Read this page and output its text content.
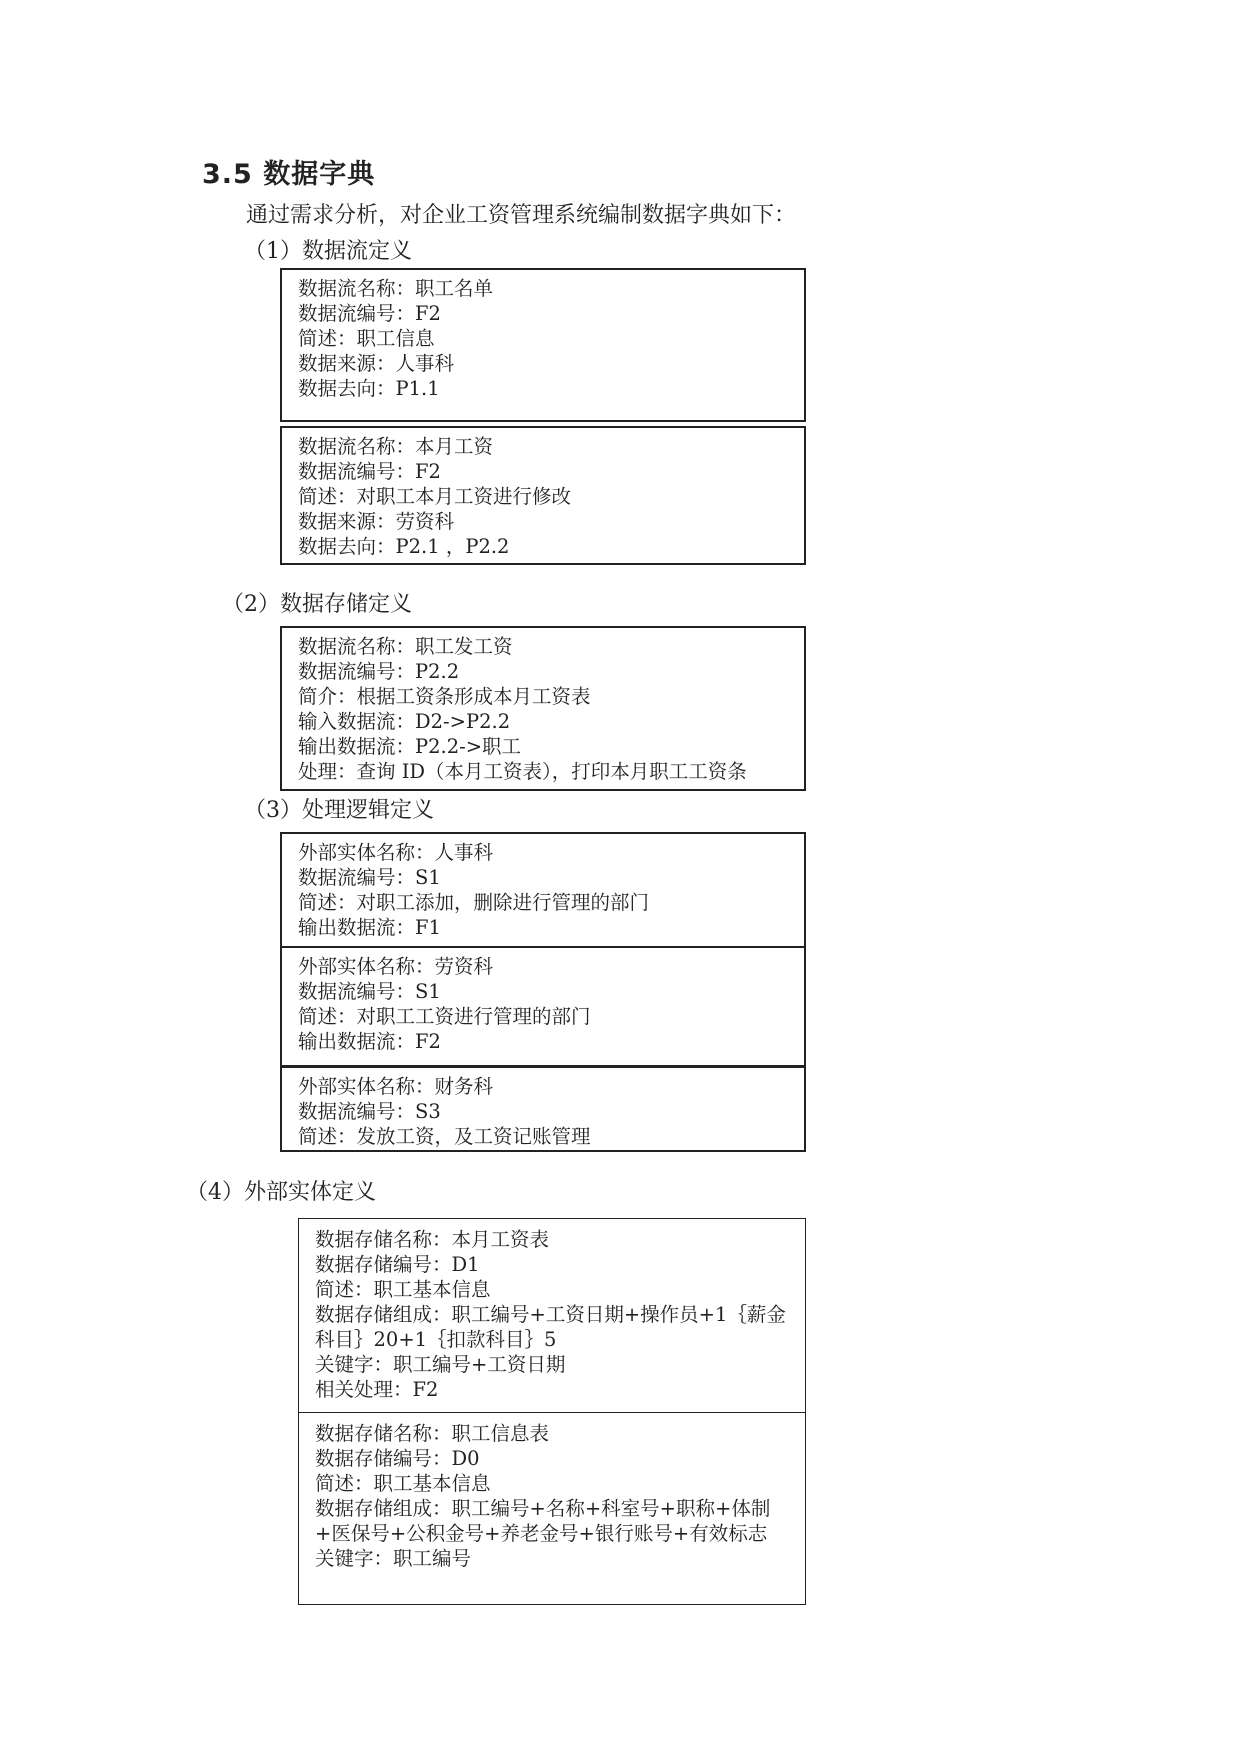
3.5 数据字典
通过需求分析，对企业工资管理系统编制数据字典如下：
（1）数据流定义
数据流名称：职工名单
数据流编号：F2
简述：职工信息
数据来源：人事科
数据去向：P1.1
数据流名称：本月工资
数据流编号：F2
简述：对职工本月工资进行修改
数据来源：劳资科
数据去向：P2.1 ，P2.2
（2）数据存储定义
数据流名称：职工发工资
数据流编号：P2.2
简介：根据工资条形成本月工资表
输入数据流：D2->P2.2
输出数据流：P2.2->职工
处理：查询 ID（本月工资表），打印本月职工工资条
（3）处理逻辑定义
外部实体名称：人事科
数据流编号：S1
简述：对职工添加，删除进行管理的部门
输出数据流：F1
外部实体名称：劳资科
数据流编号：S1
简述：对职工工资进行管理的部门
输出数据流：F2
外部实体名称：财务科
数据流编号：S3
简述：发放工资，及工资记账管理
（4）外部实体定义
数据存储名称：本月工资表
数据存储编号：D1
简述：职工基本信息
数据存储组成：职工编号+工资日期+操作员+1｛薪金科目｝20+1｛扣款科目｝5
关键字：职工编号+工资日期
相关处理：F2
数据存储名称：职工信息表
数据存储编号：D0
简述：职工基本信息
数据存储组成：职工编号+名称+科室号+职称+体制+医保号+公积金号+养老金号+银行账号+有效标志
关键字：职工编号
